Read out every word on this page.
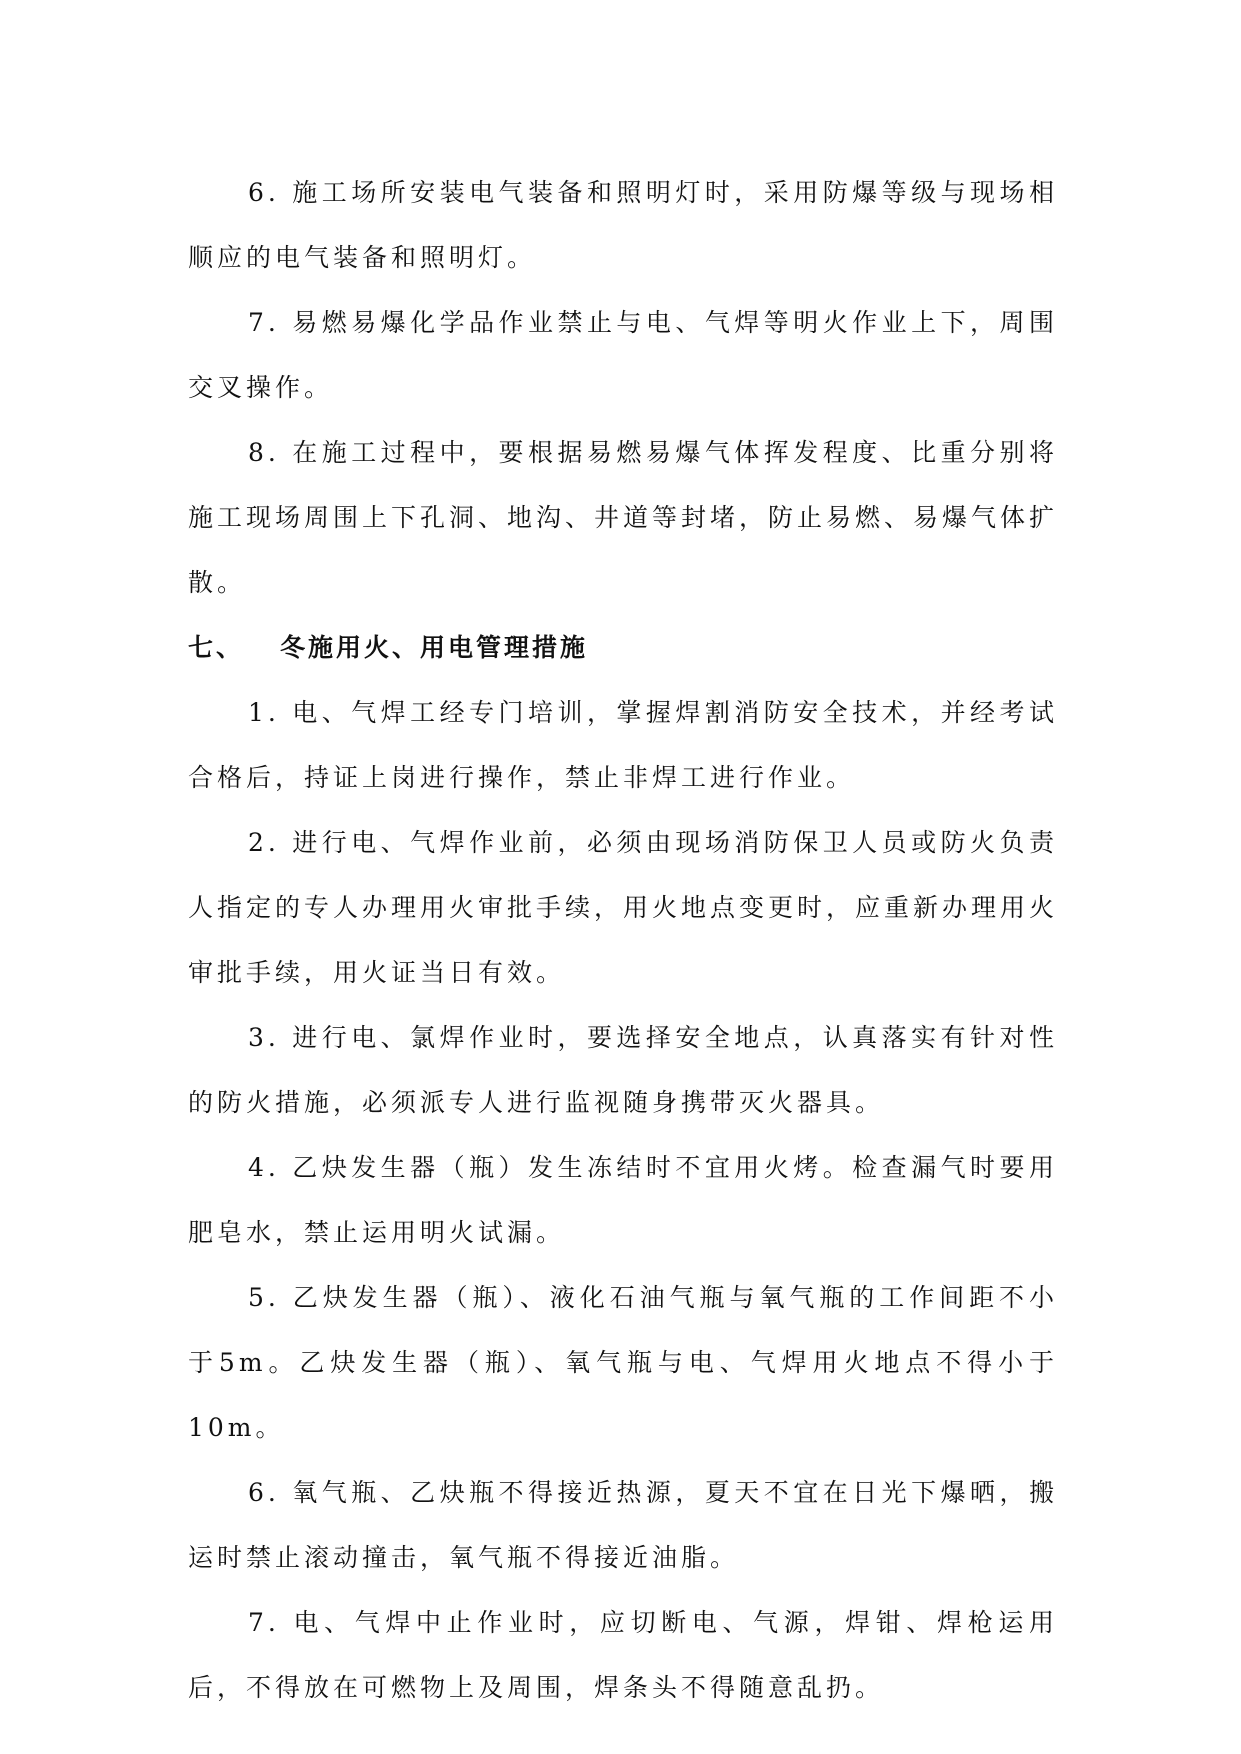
6. 施工场所安装电气装备和照明灯时，采用防爆等级与现场相顺应的电气装备和照明灯。

7. 易燃易爆化学品作业禁止与电、气焊等明火作业上下，周围交叉操作。

8. 在施工过程中，要根据易燃易爆气体挥发程度、比重分别将施工现场周围上下孔洞、地沟、井道等封堵，防止易燃、易爆气体扩散。

七、	冬施用火、用电管理措施

1. 电、气焊工经专门培训，掌握焊割消防安全技术，并经考试合格后，持证上岗进行操作，禁止非焊工进行作业。

2. 进行电、气焊作业前，必须由现场消防保卫人员或防火负责人指定的专人办理用火审批手续，用火地点变更时，应重新办理用火审批手续，用火证当日有效。

3. 进行电、氯焊作业时，要选择安全地点，认真落实有针对性的防火措施，必须派专人进行监视随身携带灭火器具。

4. 乙炔发生器（瓶）发生冻结时不宜用火烤。检查漏气时要用肥皂水，禁止运用明火试漏。

5. 乙炔发生器（瓶）、液化石油气瓶与氧气瓶的工作间距不小于5m。乙炔发生器（瓶）、氧气瓶与电、气焊用火地点不得小于10m。

6. 氧气瓶、乙炔瓶不得接近热源，夏天不宜在日光下爆晒，搬运时禁止滚动撞击，氧气瓶不得接近油脂。

7. 电、气焊中止作业时，应切断电、气源，焊钳、焊枪运用后，不得放在可燃物上及周围，焊条头不得随意乱扔。
